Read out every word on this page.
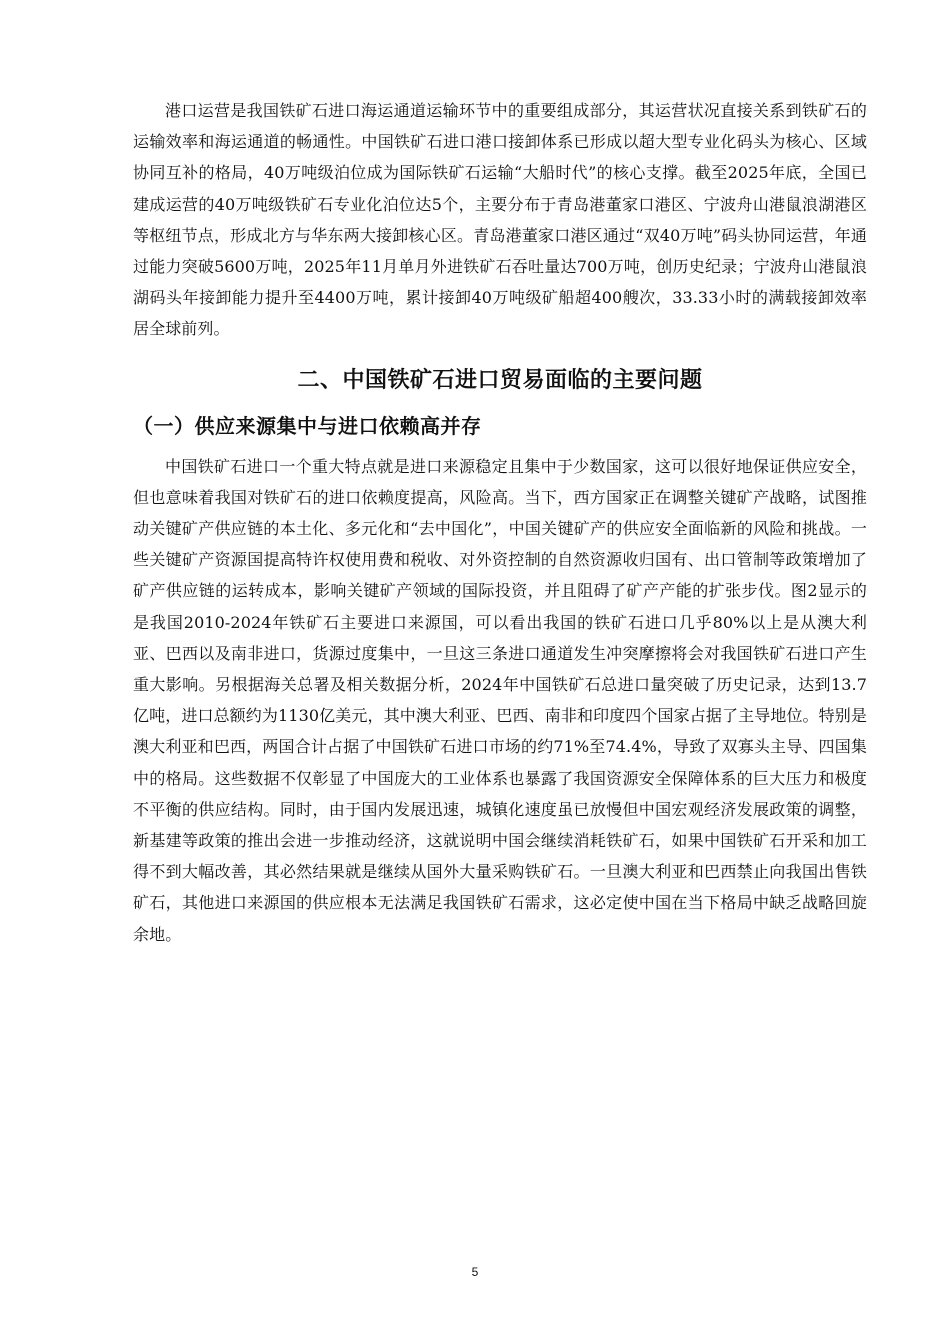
港口运营是我国铁矿石进口海运通道运输环节中的重要组成部分，其运营状况直接关系到铁矿石的运输效率和海运通道的畅通性。中国铁矿石进口港口接卸体系已形成以超大型专业化码头为核心、区域协同互补的格局，40万吨级泊位成为国际铁矿石运输“大船时代”的核心支撑。截至2025年底，全国已建成运营的40万吨级铁矿石专业化泊位达5个，主要分布于青岛港董家口港区、宁波舟山港鼠浪湖港区等枢纽节点，形成北方与华东两大接卸核心区。青岛港董家口港区通过“双40万吨”码头协同运营，年通过能力突破5600万吨，2025年11月单月外进铁矿石吞吐量达700万吨，创历史纪录；宁波舟山港鼠浪湖码头年接卸能力提升至4400万吨，累计接卸40万吨级矿船超400艘次，33.33小时的满载接卸效率居全球前列。

二、中国铁矿石进口贸易面临的主要问题
（一）供应来源集中与进口依赖高并存

中国铁矿石进口一个重大特点就是进口来源稳定且集中于少数国家，这可以很好地保证供应安全，但也意味着我国对铁矿石的进口依赖度提高，风险高。当下，西方国家正在调整关键矿产战略，试图推动关键矿产供应链的本土化、多元化和“去中国化”，中国关键矿产的供应安全面临新的风险和挑战。一些关键矿产资源国提高特许权使用费和税收、对外资控制的自然资源收归国有、出口管制等政策增加了矿产供应链的运转成本，影响关键矿产领域的国际投资，并且阻碍了矿产产能的扩张步伐。图2显示的是我国2010-2024年铁矿石主要进口来源国，可以看出我国的铁矿石进口几乎80%以上是从澳大利亚、巴西以及南非进口，货源过度集中，一旦这三条进口通道发生冲突摩擦将会对我国铁矿石进口产生重大影响。另根据海关总署及相关数据分析，2024年中国铁矿石总进口量突破了历史记录，达到13.7亿吨，进口总额约为1130亿美元，其中澳大利亚、巴西、南非和印度四个国家占据了主导地位。特别是澳大利亚和巴西，两国合计占据了中国铁矿石进口市场的约71%至74.4%，导致了双寡头主导、四国集中的格局。这些数据不仅彰显了中国庞大的工业体系也暴露了我国资源安全保障体系的巨大压力和极度不平衡的供应结构。同时，由于国内发展迅速，城镇化速度虽已放慢但中国宏观经济发展政策的调整，新基建等政策的推出会进一步推动经济，这就说明中国会继续消耗铁矿石，如果中国铁矿石开采和加工得不到大幅改善，其必然结果就是继续从国外大量采购铁矿石。一旦澳大利亚和巴西禁止向我国出售铁矿石，其他进口来源国的供应根本无法满足我国铁矿石需求，这必定使中国在当下格局中缺乏战略回旋余地。

5
